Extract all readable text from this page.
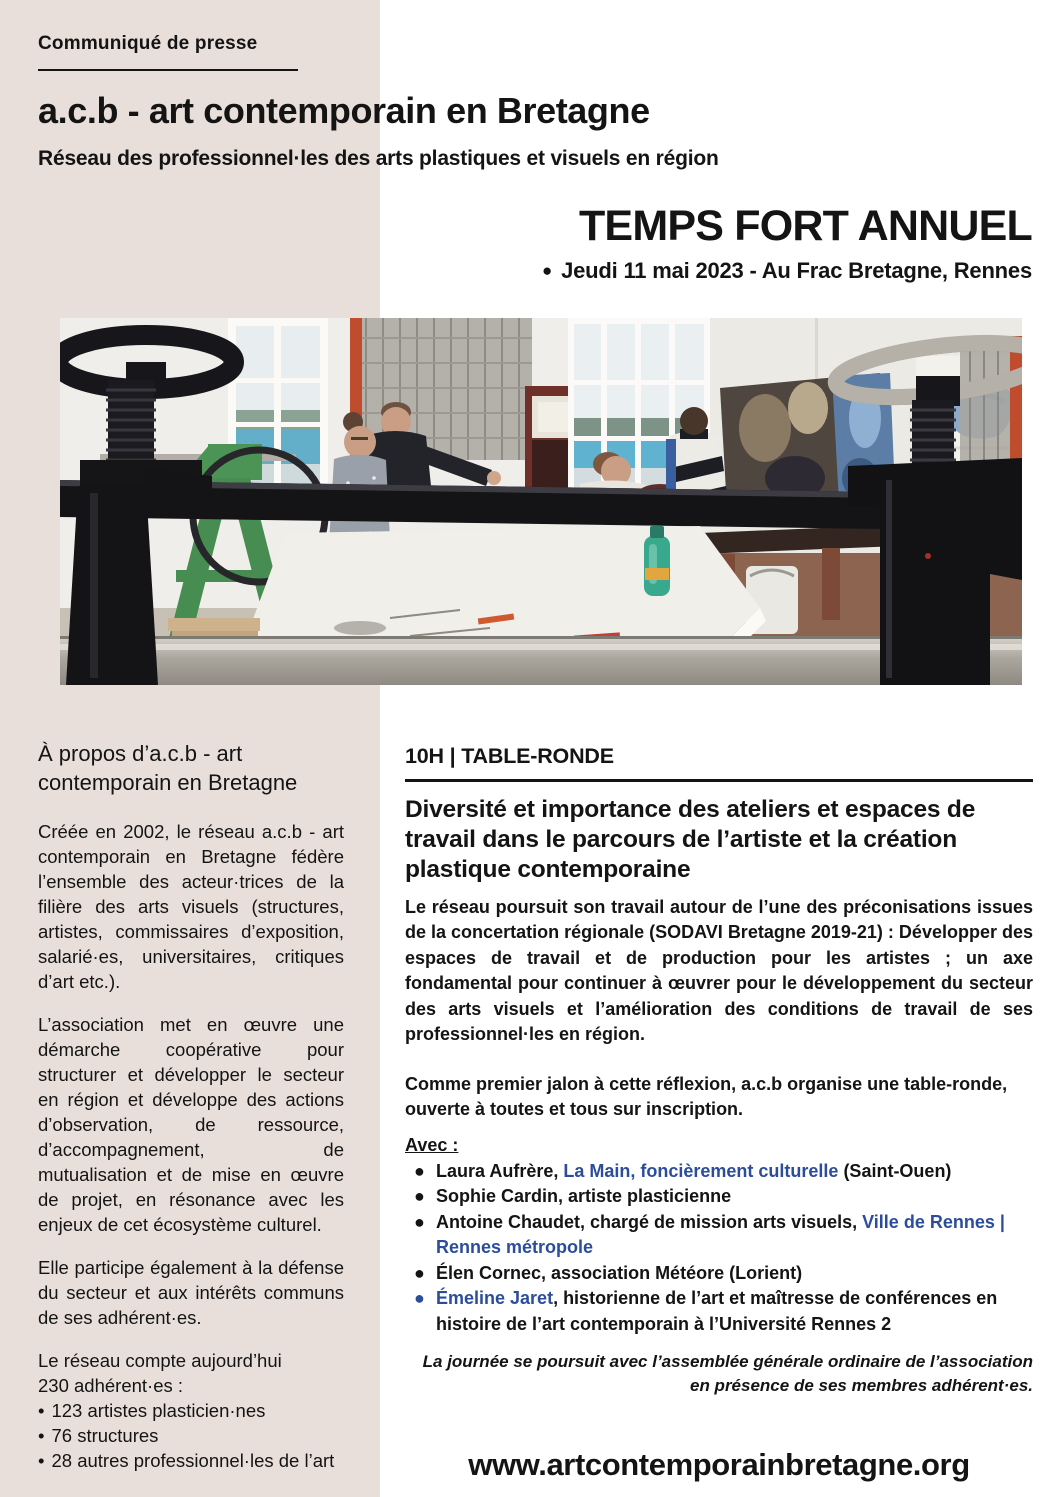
Communiqué de presse
a.c.b - art contemporain en Bretagne
Réseau des professionnel·les des arts plastiques et visuels en région
TEMPS FORT ANNUEL
● Jeudi 11 mai 2023 - Au Frac Bretagne, Rennes
À propos d’a.c.b - art contemporain en Bretagne

Créée en 2002, le réseau a.c.b - art contemporain en Bretagne fédère l’ensemble des acteur·trices de la filière des arts visuels (structures, artistes, commissaires d’exposition, salarié·es, universitaires, critiques d’art etc.).

L’association met en œuvre une démarche coopérative pour structurer et développer le secteur en région et développe des actions d’observation, de ressource, d’accompagnement, de mutualisation et de mise en œuvre de projet, en résonance avec les enjeux de cet écosystème culturel.

Elle participe également à la défense du secteur et aux intérêts communs de ses adhérent·es.

Le réseau compte aujourd’hui

230 adhérent·es :

• 123 artistes plasticien·nes
• 76 structures
• 28 autres professionnel·les de l’art
10H | TABLE-RONDE
Diversité et importance des ateliers et espaces de travail dans le parcours de l’artiste et la création plastique contemporaine

Le réseau poursuit son travail autour de l’une des préconisations issues de la concertation régionale (SODAVI Bretagne 2019-21) : Développer des espaces de travail et de production pour les artistes ; un axe fondamental pour continuer à œuvrer pour le développement du secteur des arts visuels et l’amélioration des conditions de travail de ses professionnel·les en région.

Comme premier jalon à cette réflexion, a.c.b organise une table-ronde, ouverte à toutes et tous sur inscription.

Avec :

● Laura Aufrère, La Main, foncièrement culturelle (Saint-Ouen)
● Sophie Cardin, artiste plasticienne
● Antoine Chaudet, chargé de mission arts visuels, Ville de Rennes | Rennes métropole
● Élen Cornec, association Météore (Lorient)
● Émeline Jaret, historienne de l’art et maîtresse de conférences en histoire de l’art contemporain à l’Université Rennes 2

La journée se poursuit avec l’assemblée générale ordinaire de l’association en présence de ses membres adhérent·es.

www.artcontemporainbretagne.org
